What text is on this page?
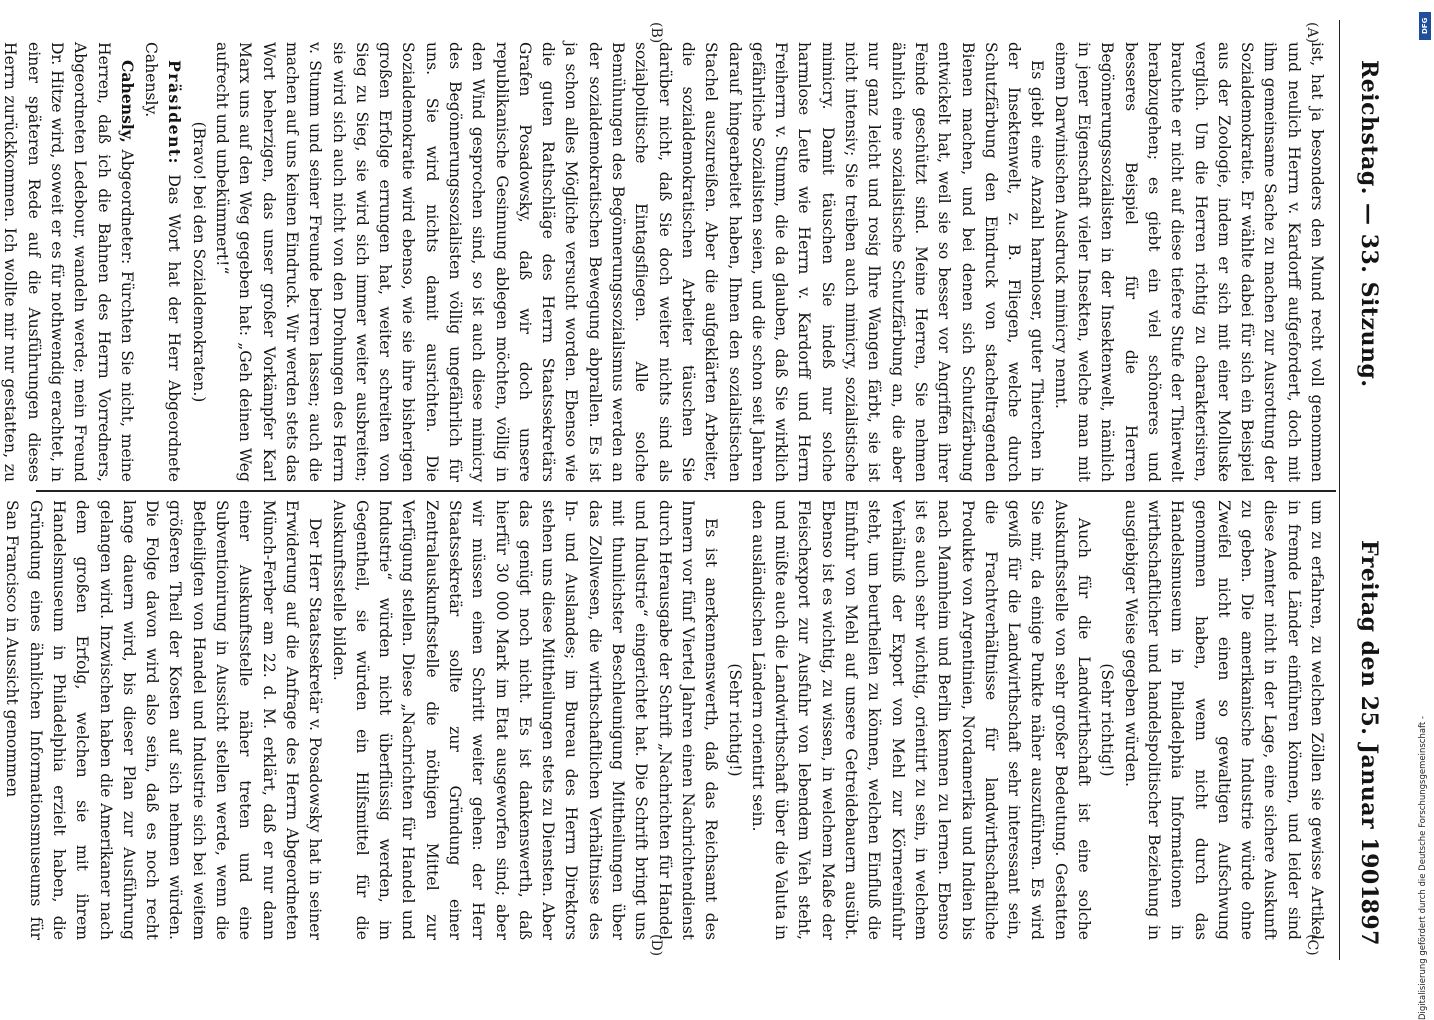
Reichstag. — 33. Sitzung.
Freitag den 25. Januar 1901.
897
(A)
(B)
(C)
(D)

ist, hat ja besonders den Mund recht voll genommen und neulich Herrn v. Kardorff aufgefordert, doch mit ihm gemeinsame Sache zu machen zur Ausrottung der Sozialdemokratie. Er wählte dabei für sich ein Beispiel aus der Zoologie, indem er sich mit einer Molluske verglich. Um die Herren richtig zu charakterisiren, brauchte er nicht auf diese tiefere Stufe der Thierwelt herabzugehen; es giebt ein viel schöneres und besseres Beispiel für die Herren Begönnerungssozialisten in der Insektenwelt, nämlich in jener Eigenschaft vieler Insekten, welche man mit einem Darwinischen Ausdruck mimicry nennt.

Es giebt eine Anzahl harmloser, guter Thierchen in der Insektenwelt, z. B. Fliegen, welche durch Schutzfärbung den Eindruck von stacheltragenden Bienen machen, und bei denen sich Schutzfärbung entwickelt hat, weil sie so besser vor Angriffen ihrer Feinde geschützt sind. Meine Herren, Sie nehmen ähnlich eine sozialistische Schutzfärbung an, die aber nur ganz leicht und rosig Ihre Wangen färbt, sie ist nicht intensiv; Sie treiben auch mimicry, sozialistische mimicry. Damit täuschen Sie indeß nur solche harmlose Leute wie Herrn v. Kardorff und Herrn Freiherrn v. Stumm, die da glauben, daß Sie wirklich gefährliche Sozialisten seien, und die schon seit Jahren darauf hingearbeitet haben, Ihnen den sozialistischen Stachel auszureißen. Aber die aufgeklärten Arbeiter, die sozialdemokratischen Arbeiter täuschen Sie darüber nicht, daß Sie doch weiter nichts sind als sozialpolitische Eintagsfliegen. Alle solche Bemühungen des Begönnerungssozialismus werden an der sozialdemokratischen Bewegung abprallen. Es ist ja schon alles Mögliche versucht worden. Ebenso wie die guten Rathschläge des Herrn Staatssekretärs Grafen Posadowsky, daß wir doch unsere republikanische Gesinnung ablegen möchten, völlig in den Wind gesprochen sind, so ist auch diese mimicry des Begönnerungssozialisten völlig ungefährlich für uns. Sie wird nichts damit ausrichten. Die Sozialdemokratie wird ebenso, wie sie ihre bisherigen großen Erfolge errungen hat, weiter schreiten von Sieg zu Sieg, sie wird sich immer weiter ausbreiten; sie wird sich auch nicht von den Drohungen des Herrn v. Stumm und seiner Freunde beirren lassen; auch die machen auf uns keinen Eindruck. Wir werden stets das Wort beherzigen, das unser großer Vorkämpfer Karl Marx uns auf den Weg gegeben hat: „Geh deinen Weg aufrecht und unbekümmert!“

(Bravo! bei den Sozialdemokraten.)

Präsident: Das Wort hat der Herr Abgeordnete Cahensly.

Cahensly, Abgeordneter: Fürchten Sie nicht, meine Herren, daß ich die Bahnen des Herrn Vorredners, Abgeordneten Ledebour, wandeln werde; mein Freund Dr. Hitze wird, soweit er es für nothwendig erachtet, in einer späteren Rede auf die Ausführungen dieses Herrn zurückkommen. Ich wollte mir nur gestatten, zu

um zu erfahren, zu welchen Zöllen sie gewisse Artikel in fremde Länder einführen können, und leider sind diese Aemter nicht in der Lage, eine sichere Auskunft zu geben. Die amerikanische Industrie würde ohne Zweifel nicht einen so gewaltigen Aufschwung genommen haben, wenn nicht durch das Handelsmuseum in Philadelphia Informationen in wirthschaftlicher und handelspolitischer Beziehung in ausgiebiger Weise gegeben würden.

(Sehr richtig!)

Auch für die Landwirthschaft ist eine solche Auskunftsstelle von sehr großer Bedeutung. Gestatten Sie mir, da einige Punkte näher auszuführen. Es wird gewiß für die Landwirthschaft sehr interessant sein, die Frachtverhältnisse für landwirthschaftliche Produkte von Argentinien, Nordamerika und Indien bis nach Mannheim und Berlin kennen zu lernen. Ebenso ist es auch sehr wichtig, orientirt zu sein, in welchem Verhältniß der Export von Mehl zur Körnereinfuhr steht, um beurtheilen zu können, welchen Einfluß die Einfuhr von Mehl auf unsere Getreidebauern ausübt. Ebenso ist es wichtig, zu wissen, in welchem Maße der Fleischexport zur Ausfuhr von lebendem Vieh steht, und müßte auch die Landwirthschaft über die Valuta in den ausländischen Ländern orientirt sein.

(Sehr richtig!)

Es ist anerkennenswerth, daß das Reichsamt des Innern vor fünf Viertel Jahren einen Nachrichtendienst durch Herausgabe der Schrift „Nachrichten für Handel und Industrie“ eingerichtet hat. Die Schrift bringt uns mit thunlichster Beschleunigung Mittheilungen über das Zollwesen, die wirthschaftlichen Verhältnisse des In- und Auslandes; im Bureau des Herrn Direktors stehen uns diese Mittheilungen stets zu Diensten. Aber das genügt noch nicht. Es ist dankenswerth, daß hierfür 30 000 Mark im Etat ausgeworfen sind; aber wir müssen einen Schritt weiter gehen: der Herr Staatssekretär sollte zur Gründung einer Zentralauskunftsstelle die nöthigen Mittel zur Verfügung stellen. Diese „Nachrichten für Handel und Industrie“ würden nicht überflüssig werden, im Gegentheil, sie würden ein Hilfsmittel für die Auskunftsstelle bilden.

Der Herr Staatssekretär v. Posadowsky hat in seiner Erwiderung auf die Anfrage des Herrn Abgeordneten Münch-Ferber am 22. d. M. erklärt, daß er nur dann einer Auskunftsstelle näher treten und eine Subventionirung in Aussicht stellen werde, wenn die Betheiligten von Handel und Industrie sich bei weitem größeren Theil der Kosten auf sich nehmen würden. Die Folge davon wird also sein, daß es noch recht lange dauern wird, bis dieser Plan zur Ausführung gelangen wird. Inzwischen haben die Amerikaner nach dem großen Erfolg, welchen sie mit ihrem Handelsmuseum in Philadelphia erzielt haben, die Gründung eines ähnlichen Informationsmuseums für San Francisco in Aussicht genommen

DFG
Digitalisierung gefördert durch die Deutsche Forschungsgemeinschaft -
